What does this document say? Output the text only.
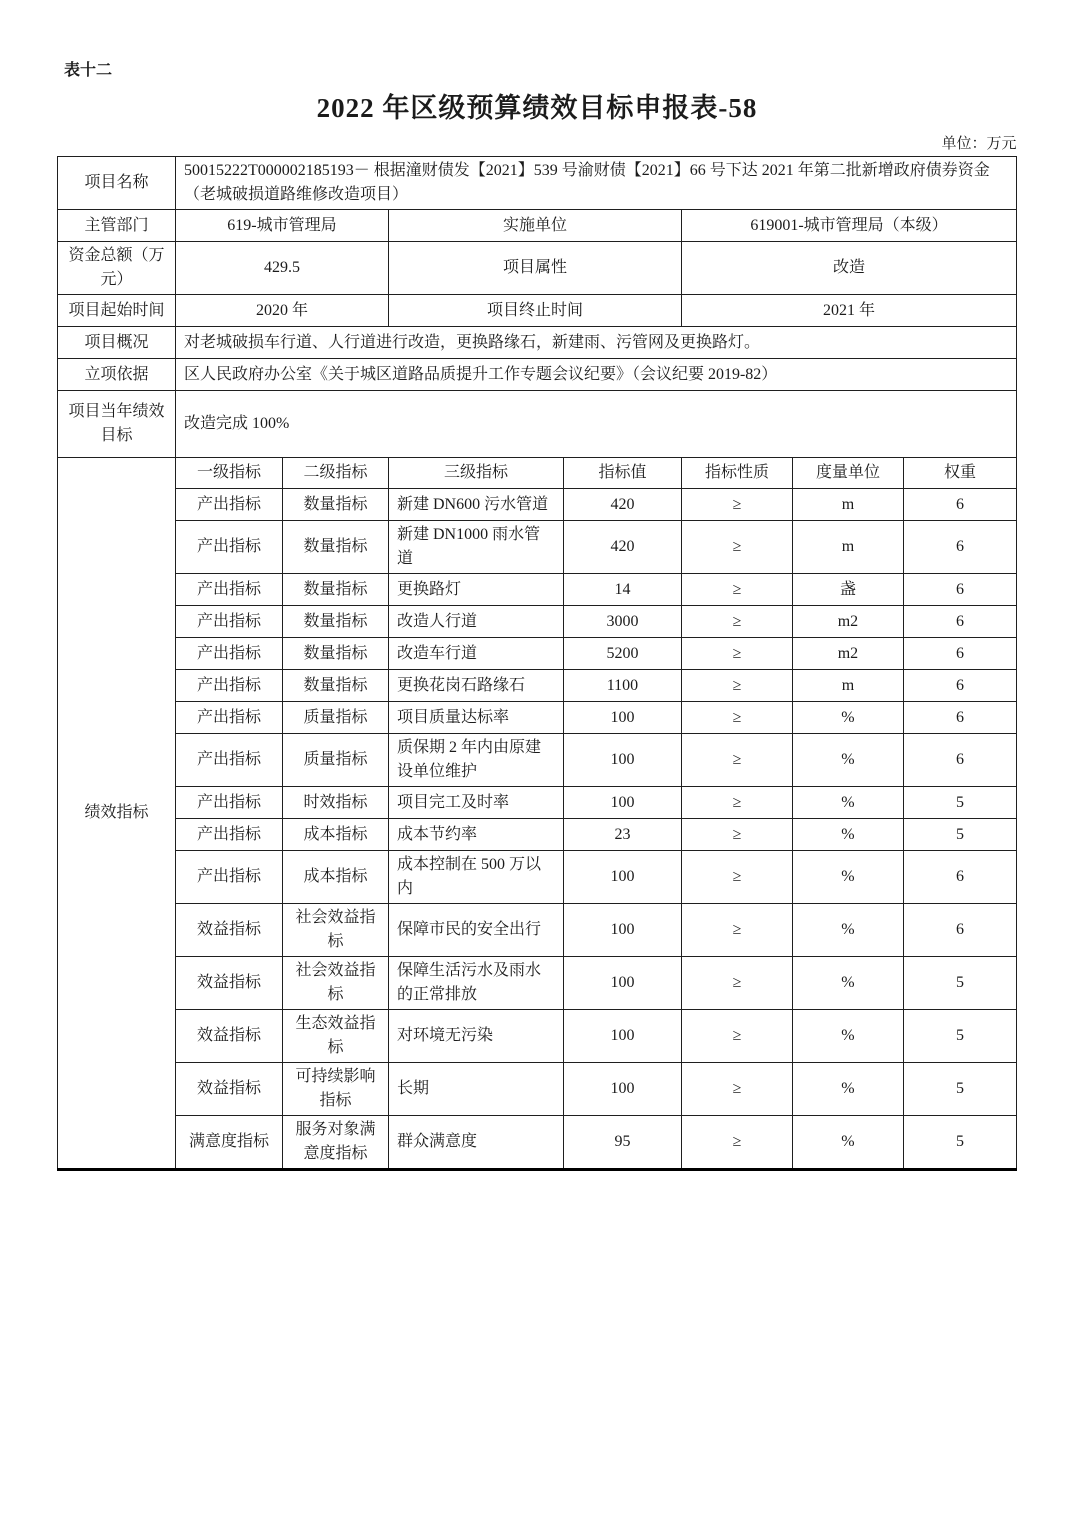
表十二
2022 年区级预算绩效目标申报表-58
单位：万元
项目名称	50015222T000002185193－ 根据潼财债发【2021】539 号渝财债【2021】66 号下达 2021 年第二批新增政府债券资金（老城破损道路维修改造项目）						
主管部门	619-城市管理局		实施单位		619001-城市管理局（本级）		
资金总额（万元）	429.5		项目属性		改造		
项目起始时间	2020 年		项目终止时间		2021 年		
项目概况	对老城破损车行道、人行道进行改造，更换路缘石，新建雨、污管网及更换路灯。						
立项依据	区人民政府办公室《关于城区道路品质提升工作专题会议纪要》（会议纪要 2019-82）						
项目当年绩效目标	改造完成 100%						
绩效指标	一级指标	二级指标	三级指标	指标值	指标性质	度量单位	权重
	产出指标	数量指标	新建 DN600 污水管道	420	≥	m	6
	产出指标	数量指标	新建 DN1000 雨水管道	420	≥	m	6
	产出指标	数量指标	更换路灯	14	≥	盏	6
	产出指标	数量指标	改造人行道	3000	≥	m2	6
	产出指标	数量指标	改造车行道	5200	≥	m2	6
	产出指标	数量指标	更换花岗石路缘石	1100	≥	m	6
	产出指标	质量指标	项目质量达标率	100	≥	%	6
	产出指标	质量指标	质保期 2 年内由原建设单位维护	100	≥	%	6
	产出指标	时效指标	项目完工及时率	100	≥	%	5
	产出指标	成本指标	成本节约率	23	≥	%	5
	产出指标	成本指标	成本控制在 500 万以内	100	≥	%	6
	效益指标	社会效益指标	保障市民的安全出行	100	≥	%	6
	效益指标	社会效益指标	保障生活污水及雨水的正常排放	100	≥	%	5
	效益指标	生态效益指标	对环境无污染	100	≥	%	5
	效益指标	可持续影响指标	长期	100	≥	%	5
	满意度指标	服务对象满意度指标	群众满意度	95	≥	%	5
